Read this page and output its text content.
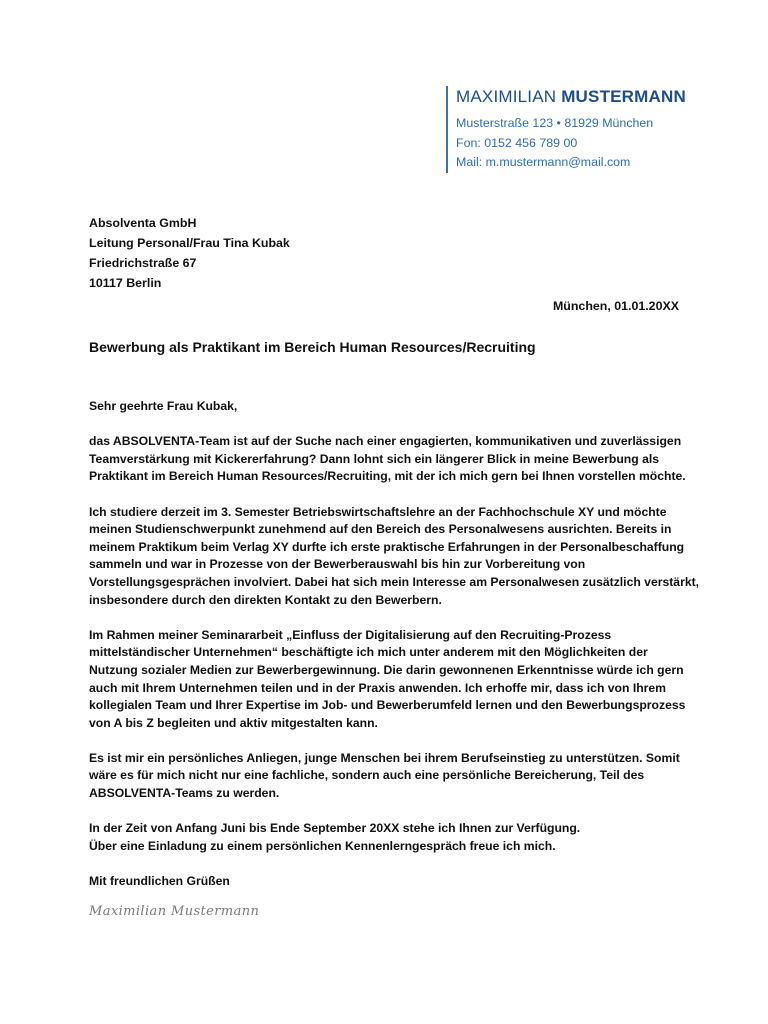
MAXIMILIAN MUSTERMANN
Musterstraße 123 • 81929 München
Fon: 0152 456 789 00
Mail: m.mustermann@mail.com
Absolventa GmbH
Leitung Personal/Frau Tina Kubak
Friedrichstraße 67
10117 Berlin
München, 01.01.20XX
Bewerbung als Praktikant im Bereich Human Resources/Recruiting

Sehr geehrte Frau Kubak,

das ABSOLVENTA-Team ist auf der Suche nach einer engagierten, kommunikativen und zuverlässigen
Teamverstärkung mit Kickererfahrung? Dann lohnt sich ein längerer Blick in meine Bewerbung als
Praktikant im Bereich Human Resources/Recruiting, mit der ich mich gern bei Ihnen vorstellen möchte.

Ich studiere derzeit im 3. Semester Betriebswirtschaftslehre an der Fachhochschule XY und möchte
meinen Studienschwerpunkt zunehmend auf den Bereich des Personalwesens ausrichten. Bereits in
meinem Praktikum beim Verlag XY durfte ich erste praktische Erfahrungen in der Personalbeschaffung
sammeln und war in Prozesse von der Bewerberauswahl bis hin zur Vorbereitung von
Vorstellungsgesprächen involviert. Dabei hat sich mein Interesse am Personalwesen zusätzlich verstärkt,
insbesondere durch den direkten Kontakt zu den Bewerbern.

Im Rahmen meiner Seminararbeit „Einfluss der Digitalisierung auf den Recruiting-Prozess
mittelständischer Unternehmen“ beschäftigte ich mich unter anderem mit den Möglichkeiten der
Nutzung sozialer Medien zur Bewerbergewinnung. Die darin gewonnenen Erkenntnisse würde ich gern
auch mit Ihrem Unternehmen teilen und in der Praxis anwenden. Ich erhoffe mir, dass ich von Ihrem
kollegialen Team und Ihrer Expertise im Job- und Bewerberumfeld lernen und den Bewerbungsprozess
von A bis Z begleiten und aktiv mitgestalten kann.

Es ist mir ein persönliches Anliegen, junge Menschen bei ihrem Berufseinstieg zu unterstützen. Somit
wäre es für mich nicht nur eine fachliche, sondern auch eine persönliche Bereicherung, Teil des
ABSOLVENTA-Teams zu werden.

In der Zeit von Anfang Juni bis Ende September 20XX stehe ich Ihnen zur Verfügung.
Über eine Einladung zu einem persönlichen Kennenlerngespräch freue ich mich.

Mit freundlichen Grüßen
Maximilian Mustermann
